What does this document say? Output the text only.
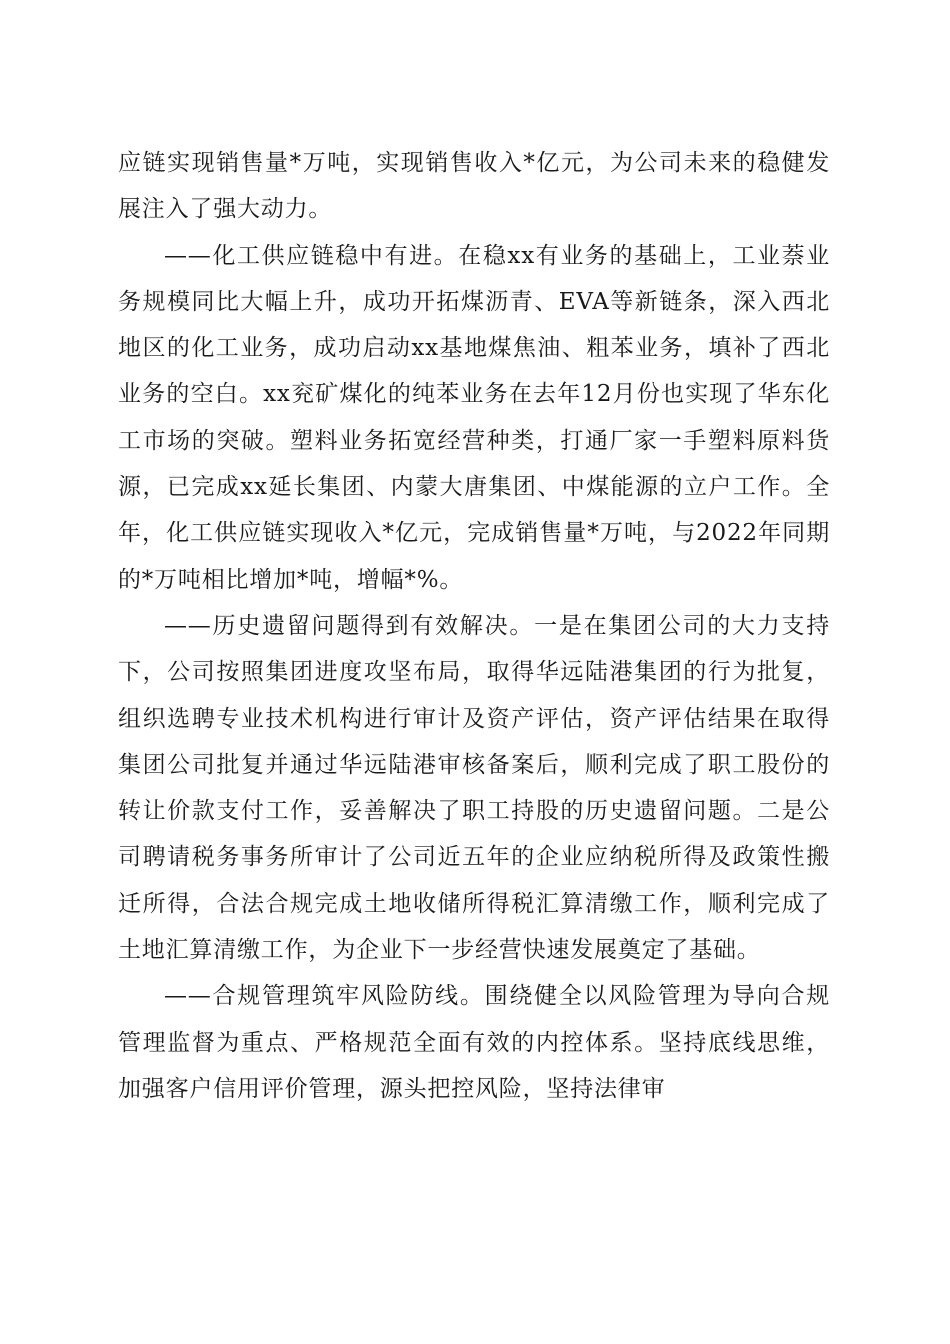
应链实现销售量*万吨，实现销售收入*亿元，为公司未来的稳健发展注入了强大动力。

——化工供应链稳中有进。在稳xx有业务的基础上，工业萘业务规模同比大幅上升，成功开拓煤沥青、EVA等新链条，深入西北地区的化工业务，成功启动xx基地煤焦油、粗苯业务，填补了西北业务的空白。xx兖矿煤化的纯苯业务在去年12月份也实现了华东化工市场的突破。塑料业务拓宽经营种类，打通厂家一手塑料原料货源，已完成xx延长集团、内蒙大唐集团、中煤能源的立户工作。全年，化工供应链实现收入*亿元，完成销售量*万吨，与2022年同期的*万吨相比增加*吨，增幅*%。

——历史遗留问题得到有效解决。一是在集团公司的大力支持下，公司按照集团进度攻坚布局，取得华远陆港集团的行为批复，组织选聘专业技术机构进行审计及资产评估，资产评估结果在取得集团公司批复并通过华远陆港审核备案后，顺利完成了职工股份的转让价款支付工作，妥善解决了职工持股的历史遗留问题。二是公司聘请税务事务所审计了公司近五年的企业应纳税所得及政策性搬迁所得，合法合规完成土地收储所得税汇算清缴工作，顺利完成了土地汇算清缴工作，为企业下一步经营快速发展奠定了基础。

——合规管理筑牢风险防线。围绕健全以风险管理为导向合规管理监督为重点、严格规范全面有效的内控体系。坚持底线思维，加强客户信用评价管理，源头把控风险，坚持法律审
